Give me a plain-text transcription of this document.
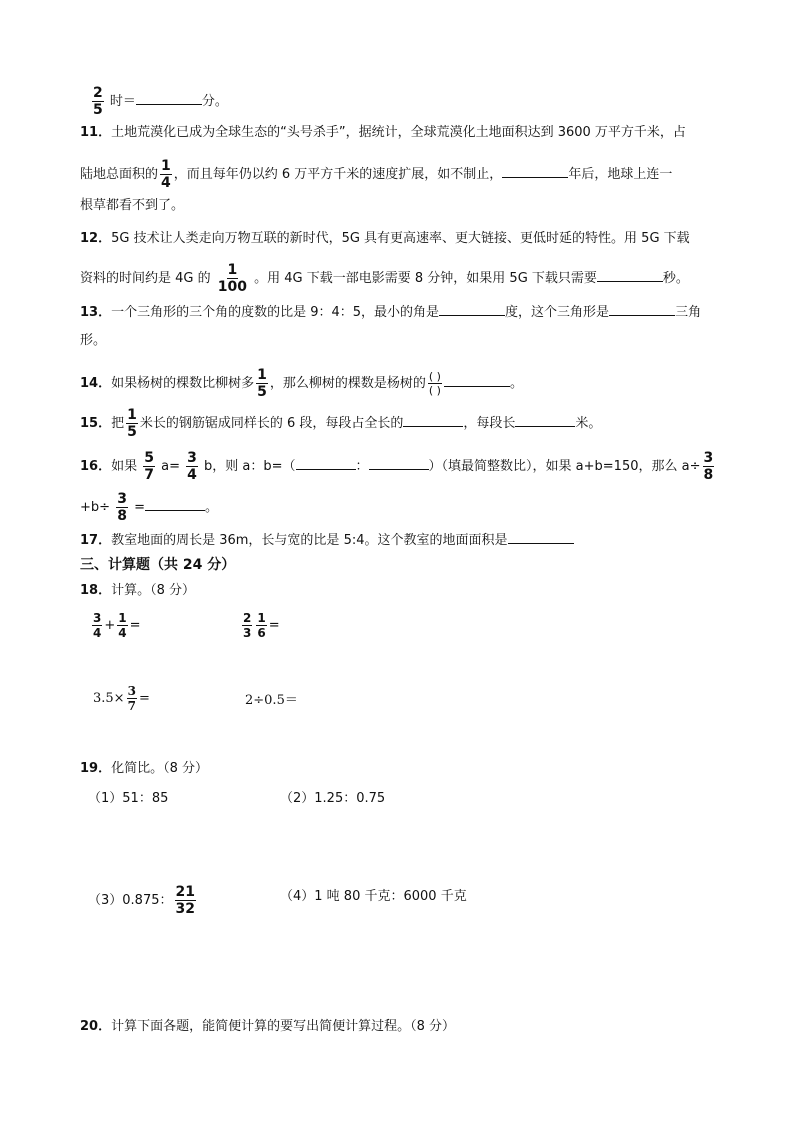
$\frac{2}{5}$ 时＝	分。
11．土地荒漠化已成为全球生态的“头号杀手”，据统计，全球荒漠化土地面积达到 3600 万平方千米，占
陆地总面积的 $\frac{1}{4}$ ，而且每年仍以约 6 万平方千米的速度扩展，如不制止，	年后，地球上连一
根草都看不到了。
12．5G 技术让人类走向万物互联的新时代，5G 具有更高速率、更大链接、更低时延的特性。用 5G 下载
资料的时间约是 4G 的 $\frac{1}{100}$ 。用 4G 下载一部电影需要 8 分钟，如果用 5G 下载只需要	秒。
13．一个三角形的三个角的度数的比是 9：4：5，最小的角是	度，这个三角形是	三角
形。
14．如果杨树的棵数比柳树多 $\frac{1}{5}$ ，那么柳树的棵数是杨树的 $\frac{( )}{( )}$	。
15．把 $\frac{1}{5}$ 米长的钢筋锯成同样长的 6 段，每段占全长的	，每段长	米。
16．如果 $\frac{5}{7} a= \frac{3}{4}$ b，则 a：b=（	：	）（填最简整数比），如果 a+b=150，那么 $a\div \frac{3}{8}$
$+b\div \frac{3}{8}$ =	。
17．教室地面的周长是 36m，长与宽的比是 5:4。这个教室的地面面积是
三、计算题（共 24 分）
18．计算。（8 分）
$\frac{3}{4} + \frac{1}{4}$ =	$\frac{2}{3} \frac{1}{6}$ =
$3.5\times \frac{3}{7}$ =	2÷0.5＝
19．化简比。（8 分）
（1）51：85	（2）1.25：0.75
（3）0.875： $\frac{21}{32}$	（4）1 吨 80 千克：6000 千克
20．计算下面各题，能简便计算的要写出简便计算过程。（8 分）
